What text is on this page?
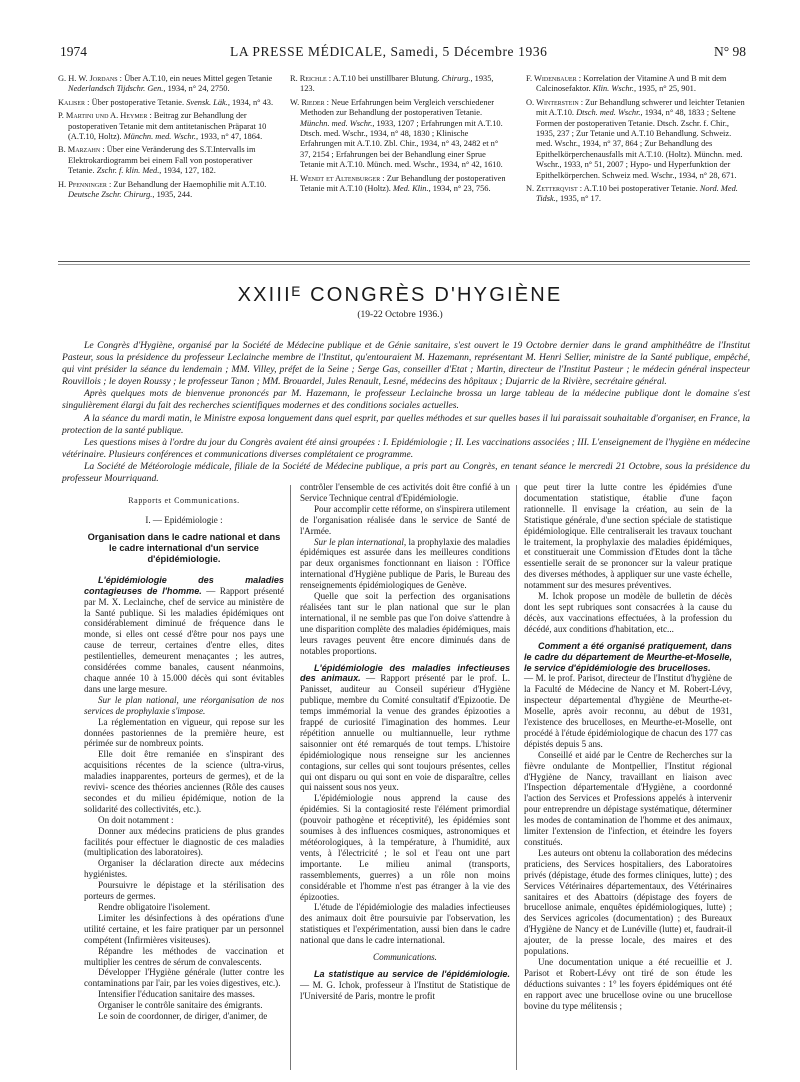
1974	LA PRESSE MÉDICALE, Samedi, 5 Décembre 1936	N° 98

G. H. W. Jordans : Über A.T.10, ein neues Mittel gegen Tetanie Nederlandsch Tijdschr. Gen., 1934, n° 24, 2750.

Kaliser : Über postoperative Tetanie. Svensk. Läk., 1934, n° 43.

P. Martini und A. Heymer : Beitrag zur Behandlung der postoperativen Tetanie mit dem antitetanischen Präparat 10 (A.T.10, Holtz). Münchn. med. Wschr., 1933, n° 47, 1864.

B. Marzahn : Über eine Veränderung des S.T.Intervalls im Elektrokardiogramm bei einem Fall von postoperativer Tetanie. Zschr. f. klin. Med., 1934, 127, 182.

H. Pfenninger : Zur Behandlung der Haemophilie mit A.T.10. Deutsche Zschr. Chirurg., 1935, 244.

R. Reichle : A.T.10 bei unstillbarer Blutung. Chirurg., 1935, 123.

W. Rieder : Neue Erfahrungen beim Vergleich verschiedener Methoden zur Behandlung der postoperativen Tetanie. Münchn. med. Wschr., 1933, 1207 ; Erfahrungen mit A.T.10. Dtsch. med. Wschr., 1934, n° 48, 1830 ; Klinische Erfahrungen mit A.T.10. Zbl. Chir., 1934, n° 43, 2482 et n° 37, 2154 ; Erfahrungen bei der Behandlung einer Sprue Tetanie mit A.T.10. Münch. med. Wschr., 1934, n° 42, 1610.

H. Wendt et Altenburger : Zur Behandlung der postoperativen Tetanie mit A.T.10 (Holtz). Med. Klin., 1934, n° 23, 756.

F. Widenbauer : Korrelation der Vitamine A und B mit dem Calcinosefaktor. Klin. Wschr., 1935, n° 25, 901.

O. Winterstein : Zur Behandlung schwerer und leichter Tetanien mit A.T.10. Dtsch. med. Wschr., 1934, n° 48, 1833 ; Seltene Formen der postoperativen Tetanie. Dtsch. Zschr. f. Chir., 1935, 237 ; Zur Tetanie und A.T.10 Behandlung. Schweiz. med. Wschr., 1934, n° 37, 864 ; Zur Behandlung des Epithelkörperchenausfalls mit A.T.10. (Holtz). Münchn. med. Wschr., 1933, n° 51, 2007 ; Hypo- und Hyperfunktion der Epithelkörperchen. Schweiz med. Wschr., 1934, n° 28, 671.

N. Zetterqvist : A.T.10 bei postoperativer Tetanie. Nord. Med. Tidsk., 1935, n° 17.

XXIIIᴱ CONGRÈS D'HYGIÈNE
(19-22 Octobre 1936.)

Le Congrès d'Hygiène, organisé par la Société de Médecine publique et de Génie sanitaire, s'est ouvert le 19 Octobre dernier dans le grand amphithéâtre de l'Institut Pasteur, sous la présidence du professeur Leclainche membre de l'Institut, qu'entouraient M. Hazemann, représentant M. Henri Sellier, ministre de la Santé publique, empêché, qui vint présider la séance du lendemain ; MM. Villey, préfet de la Seine ; Serge Gas, conseiller d'Etat ; Martin, directeur de l'Institut Pasteur ; le médecin général inspecteur Rouvillois ; le doyen Roussy ; le professeur Tanon ; MM. Brouardel, Jules Renault, Lesné, médecins des hôpitaux ; Dujarric de la Rivière, secrétaire général.

Après quelques mots de bienvenue prononcés par M. Hazemann, le professeur Leclainche brossa un large tableau de la médecine publique dont le domaine s'est singulièrement élargi du fait des recherches scientifiques modernes et des conditions sociales actuelles.

A la séance du mardi matin, le Ministre exposa longuement dans quel esprit, par quelles méthodes et sur quelles bases il lui paraissait souhaitable d'organiser, en France, la protection de la santé publique.

Les questions mises à l'ordre du jour du Congrès avaient été ainsi groupées : I. Epidémiologie ; II. Les vaccinations associées ; III. L'enseignement de l'hygiène en médecine vétérinaire. Plusieurs conférences et communications diverses complétaient ce programme.

La Société de Météorologie médicale, filiale de la Société de Médecine publique, a pris part au Congrès, en tenant séance le mercredi 21 Octobre, sous la présidence du professeur Mourriquand.

Rapports et Communications.
I. — Epidémiologie :
Organisation dans le cadre national et dans le cadre international d'un service d'épidémiologie.

L'épidémiologie des maladies contagieuses de l'homme. — Rapport présenté par M. X. Leclainche, chef de service au ministère de la Santé publique. Si les maladies épidémiques ont considérablement diminué de fréquence dans le monde, si elles ont cessé d'être pour nos pays une cause de terreur, certaines d'entre elles, dites pestilentielles, demeurent menaçantes ; les autres, considérées comme banales, causent néanmoins, chaque année 10 à 15.000 décès qui sont évitables dans une large mesure.

Sur le plan national, une réorganisation de nos services de prophylaxie s'impose.

La réglementation en vigueur, qui repose sur les données pastoriennes de la première heure, est périmée sur de nombreux points.

Elle doit être remaniée en s'inspirant des acquisitions récentes de la science (ultra-virus, maladies inapparentes, porteurs de germes), et de la revivi- scence des théories anciennes (Rôle des causes secondes et du milieu épidémique, notion de la solidarité des collectivités, etc.).

On doit notamment :

Donner aux médecins praticiens de plus grandes facilités pour effectuer le diagnostic de ces maladies (multiplication des laboratoires).

Organiser la déclaration directe aux médecins hygiénistes.

Poursuivre le dépistage et la stérilisation des porteurs de germes.

Rendre obligatoire l'isolement.

Limiter les désinfections à des opérations d'une utilité certaine, et les faire pratiquer par un personnel compétent (Infirmières visiteuses).

Répandre les méthodes de vaccination et multiplier les centres de sérum de convalescents.

Développer l'Hygiène générale (lutter contre les contaminations par l'air, par les voies digestives, etc.).

Intensifier l'éducation sanitaire des masses.

Organiser le contrôle sanitaire des émigrants.

Le soin de coordonner, de diriger, d'animer, de

contrôler l'ensemble de ces activités doit être confié à un Service Technique central d'Epidémiologie.

Pour accomplir cette réforme, on s'inspirera utilement de l'organisation réalisée dans le service de Santé de l'Armée.

Sur le plan international, la prophylaxie des maladies épidémiques est assurée dans les meilleures conditions par deux organismes fonctionnant en liaison : l'Office international d'Hygiène publique de Paris, le Bureau des renseignements épidémiologiques de Genève.

Quelle que soit la perfection des organisations réalisées tant sur le plan national que sur le plan international, il ne semble pas que l'on doive s'attendre à une disparition complète des maladies épidémiques, mais leurs ravages peuvent être encore diminués dans de notables proportions.

L'épidémiologie des maladies infectieuses des animaux. — Rapport présenté par le prof. L. Panisset, auditeur au Conseil supérieur d'Hygiène publique, membre du Comité consultatif d'Epizootie. De temps immémorial la venue des grandes épizooties a frappé de curiosité l'imagination des hommes. Leur répétition annuelle ou multiannuelle, leur rythme saisonnier ont été remarqués de tout temps. L'histoire épidémiologique nous renseigne sur les anciennes contagions, sur celles qui sont toujours présentes, celles qui ont disparu ou qui sont en voie de disparaître, celles qui naissent sous nos yeux.

L'épidémiologie nous apprend la cause des épidémies. Si la contagiosité reste l'élément primordial (pouvoir pathogène et réceptivité), les épidémies sont soumises à des influences cosmiques, astronomiques et météorologiques, à la température, à l'humidité, aux vents, à l'électricité ; le sol et l'eau ont une part importante. Le milieu animal (transports, rassemblements, guerres) a un rôle non moins considérable et l'homme n'est pas étranger à la vie des épizooties.

L'étude de l'épidémiologie des maladies infectieuses des animaux doit être poursuivie par l'observation, les statistiques et l'expérimentation, aussi bien dans le cadre national que dans le cadre international.

Communications.

La statistique au service de l'épidémiologie. — M. G. Ichok, professeur à l'Institut de Statistique de l'Université de Paris, montre le profit

que peut tirer la lutte contre les épidémies d'une documentation statistique, établie d'une façon rationnelle. Il envisage la création, au sein de la Statistique générale, d'une section spéciale de statistique épidémiologique. Elle centraliserait les travaux touchant le traitement, la prophylaxie des maladies épidémiques, et constituerait une Commission d'Etudes dont la tâche essentielle serait de se prononcer sur la valeur pratique des diverses méthodes, à appliquer sur une vaste échelle, notamment sur des mesures préventives.

M. Ichok propose un modèle de bulletin de décès dont les sept rubriques sont consacrées à la cause du décès, aux vaccinations effectuées, à la profession du décédé, aux conditions d'habitation, etc...

Comment a été organisé pratiquement, dans le cadre du département de Meurthe-et-Moselle, le service d'épidémiologie des brucelloses.

— M. le prof. Parisot, directeur de l'Institut d'hygiène de la Faculté de Médecine de Nancy et M. Robert-Lévy, inspecteur départemental d'hygiène de Meurthe-et-Moselle, après avoir reconnu, au début de 1931, l'existence des brucelloses, en Meurthe-et-Moselle, ont procédé à l'étude épidémiologique de chacun des 177 cas dépistés depuis 5 ans.

Conseillé et aidé par le Centre de Recherches sur la fièvre ondulante de Montpellier, l'Institut régional d'Hygiène de Nancy, travaillant en liaison avec l'Inspection départementale d'Hygiène, a coordonné l'action des Services et Professions appelés à intervenir pour entreprendre un dépistage systématique, déterminer les modes de contamination de l'homme et des animaux, limiter l'extension de l'infection, et éteindre les foyers constitués.

Les auteurs ont obtenu la collaboration des médecins praticiens, des Services hospitaliers, des Laboratoires privés (dépistage, étude des formes cliniques, lutte) ; des Services Vétérinaires départementaux, des Vétérinaires sanitaires et des Abattoirs (dépistage des foyers de brucellose animale, enquêtes épidémiologiques, lutte) ; des Services agricoles (documentation) ; des Bureaux d'Hygiène de Nancy et de Lunéville (lutte) et, faudrait-il ajouter, de la presse locale, des maires et des populations.

Une documentation unique a été recueillie et J. Parisot et Robert-Lévy ont tiré de son étude les déductions suivantes : 1° les foyers épidémiques ont été en rapport avec une brucellose ovine ou une brucellose bovine du type mélitensis ;
